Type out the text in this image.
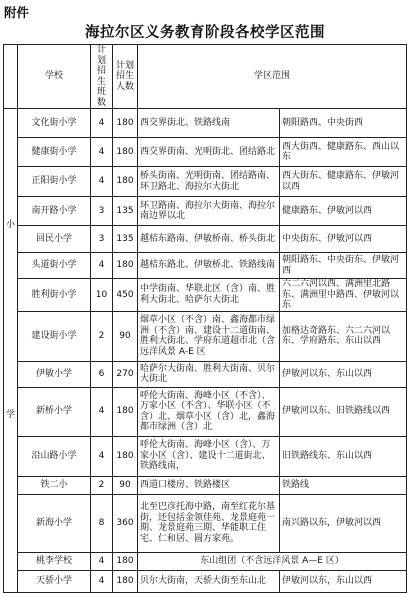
附件
海拉尔区义务教育阶段各校学区范围
	学校	计划招生班数	计划招生人数	学区范围	

小
学	文化街小学	4	180	西交界街北、铁路线南	朝阳路西、中央街西
	健康街小学	4	180	西交界街南、光明街北、团结路北	西大街西、健康路东、西山以东
	正阳街小学	4	180	桥头街南、光明街南、团结路南、环卫路北、海拉尔大街北	西大街东、健康路东、伊敏河以西
	南开路小学	3	135	环卫路南、海拉尔大街南、海拉尔南边界以北	健康路东、伊敏河以西
	回民小学	3	135	越桔东路南、伊敏桥南、桥头街北	中央街东、伊敏河以西
	头道街小学	4	180	越桔东路北、伊敏桥北、铁路线南	朝阳路东、中央街东、伊敏河西
	胜利街小学	10	450	中学街南、华联北区（含）南、胜利大街北、哈萨尔大街北	六二六河以西、满洲里北路东、满洲里中路西、伊敏河以东
	建设街小学	2	90	烟草小区（不含）南、鑫海都市绿洲（不含）南、建设十二道街南、胜利大街北、学府东道超市北（含远洋风景 A-E 区	加格达奇路东、六二六河以东、学府路东、东山以西
	伊敏小学	6	270	哈萨尔大街南、胜利大街南、贝尔大街北	伊敏河以东、东山以西
	新桥小学	4	180	呼伦大街南、海峰小区（不含）、万家小区（不含）、华联小区（不含）北、烟草小区（含）北，鑫海都市绿洲（含）北	伊敏河以东、旧铁路线以西
	沿山路小学	4	180	呼伦大街南、海峰小区（含）、万家小区（含）、建设十二道街北、铁路线南，	旧铁路线东、东山以西
	铁二小	2	90	西道口楼房、铁路楼区	铁路线
	新海小学	8	360	北至巴彦托海中路，南至红花尔基街，还包括金领佳苑、龙景庭苑一期、龙景庭苑三期、华能职工住宅、仁和居、圆方家苑。	南兴路以东，伊敏河以西
	桃李学校	4	180	东山组团（不含远洋风景 A—E 区）	
	天骄小学	4	180	贝尔大街南，天骄大街至东山北	伊敏河以东，东山以西
